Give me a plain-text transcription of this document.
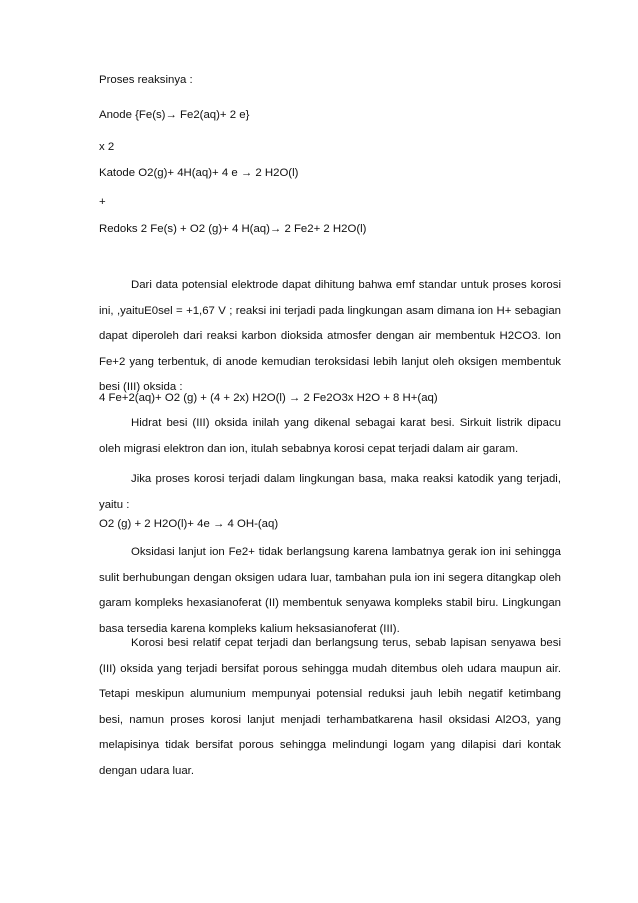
Proses reaksinya :
Anode {Fe(s)→ Fe2(aq)+ 2 e}
x 2
Katode O2(g)+ 4H(aq)+ 4 e → 2 H2O(l)
+
Redoks 2 Fe(s) + O2 (g)+ 4 H(aq)→ 2 Fe2+ 2 H2O(l)
Dari data potensial elektrode dapat dihitung bahwa emf standar untuk proses korosi ini, ,yaituE0sel = +1,67 V ; reaksi ini terjadi pada lingkungan asam dimana ion H+ sebagian dapat diperoleh dari reaksi karbon dioksida atmosfer dengan air membentuk H2CO3. Ion Fe+2 yang terbentuk, di anode kemudian teroksidasi lebih lanjut oleh oksigen membentuk besi (III) oksida :
4 Fe+2(aq)+ O2 (g) + (4 + 2x) H2O(l) → 2 Fe2O3x H2O + 8 H+(aq)
Hidrat besi (III) oksida inilah yang dikenal sebagai karat besi. Sirkuit listrik dipacu oleh migrasi elektron dan ion, itulah sebabnya korosi cepat terjadi dalam air garam.
Jika proses korosi terjadi dalam lingkungan basa, maka reaksi katodik yang terjadi, yaitu :
O2 (g) + 2 H2O(l)+ 4e → 4 OH-(aq)
Oksidasi lanjut ion Fe2+ tidak berlangsung karena lambatnya gerak ion ini sehingga sulit berhubungan dengan oksigen udara luar, tambahan pula ion ini segera ditangkap oleh garam kompleks hexasianoferat (II) membentuk senyawa kompleks stabil biru. Lingkungan basa tersedia karena kompleks kalium heksasianoferat (III).
Korosi besi relatif cepat terjadi dan berlangsung terus, sebab lapisan senyawa besi (III) oksida yang terjadi bersifat porous sehingga mudah ditembus oleh udara maupun air. Tetapi meskipun alumunium mempunyai potensial reduksi jauh lebih negatif ketimbang besi, namun proses korosi lanjut menjadi terhambatkarena hasil oksidasi Al2O3, yang melapisinya tidak bersifat porous sehingga melindungi logam yang dilapisi dari kontak dengan udara luar.
